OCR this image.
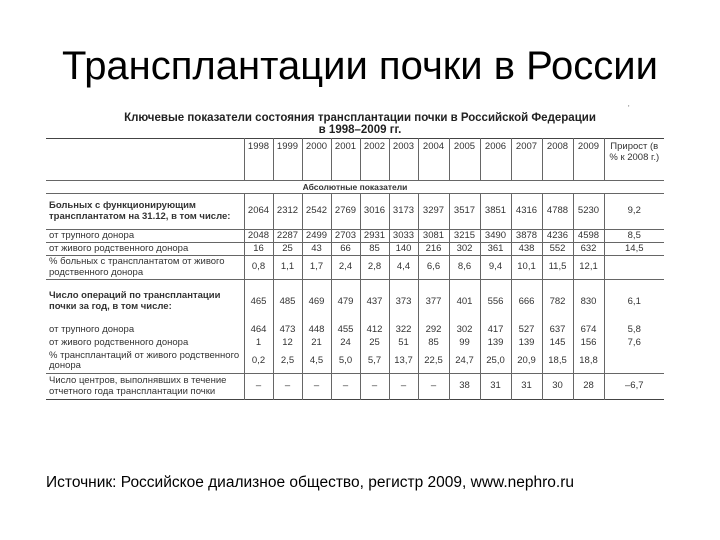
Трансплантации почки в России
Ключевые показатели состояния трансплантации почки в Российской Федерации в 1998–2009 гг.
'
	1998	1999	2000	2001	2002	2003	2004	2005	2006	2007	2008	2009	Прирост (в % к 2008 г.)
Абсолютные показатели													
Больных с функционирующим трансплантатом на 31.12, в том числе:	2064	2312	2542	2769	3016	3173	3297	3517	3851	4316	4788	5230	9,2
от трупного донора	2048	2287	2499	2703	2931	3033	3081	3215	3490	3878	4236	4598	8,5
от живого родственного донора	16	25	43	66	85	140	216	302	361	438	552	632	14,5
% больных с трансплантатом от живого родственного донора	0,8	1,1	1,7	2,4	2,8	4,4	6,6	8,6	9,4	10,1	11,5	12,1	
Число операций по трансплантации почки за год, в том числе:	465	485	469	479	437	373	377	401	556	666	782	830	6,1
от трупного донора	464	473	448	455	412	322	292	302	417	527	637	674	5,8
от живого родственного донора	1	12	21	24	25	51	85	99	139	139	145	156	7,6
% трансплантаций от живого родственного донора	0,2	2,5	4,5	5,0	5,7	13,7	22,5	24,7	25,0	20,9	18,5	18,8	
Число центров, выполнявших в течение отчетного года трансплантации почки	–	–	–	–	–	–	–	38	31	31	30	28	–6,7
Источник: Российское диализное общество, регистр 2009, www.nephro.ru
